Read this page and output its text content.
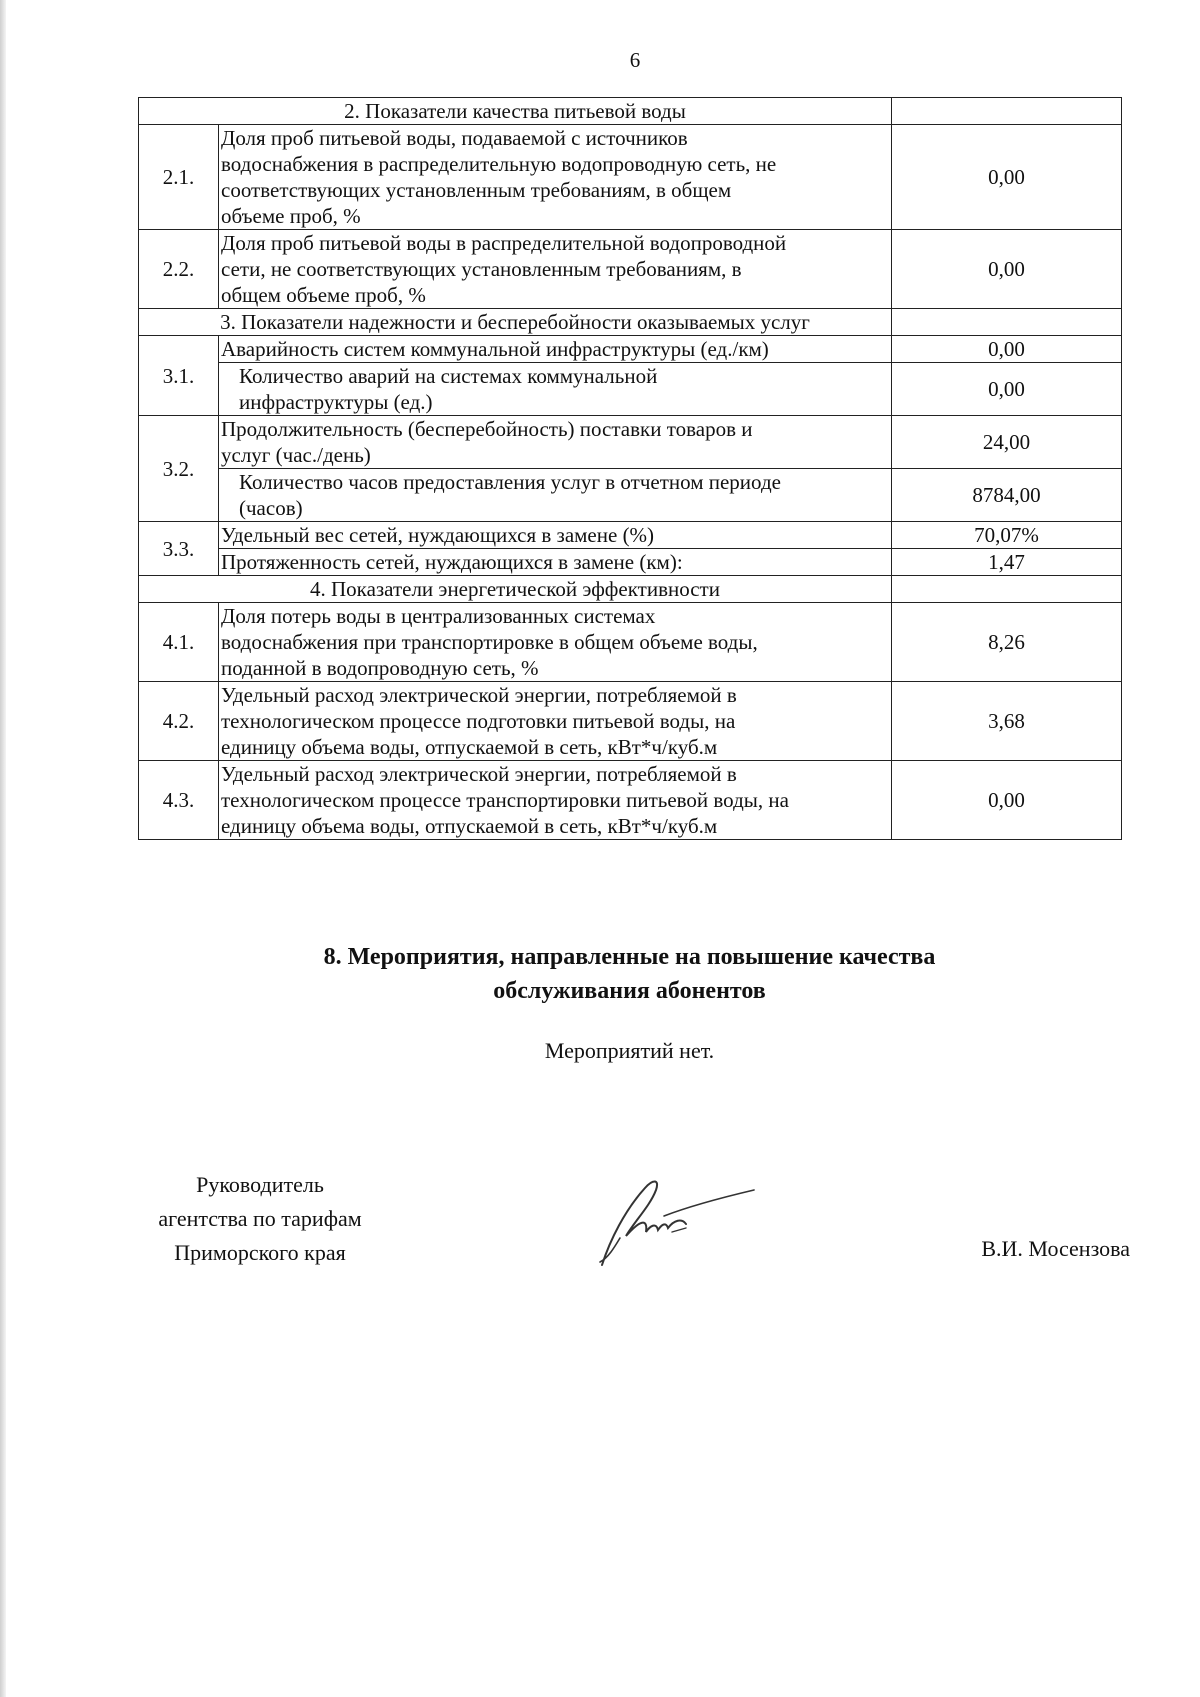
6
2. Показатели качества питьевой воды		
2.1.	Доля проб питьевой воды, подаваемой с источников
водоснабжения в распределительную водопроводную сеть, не
соответствующих установленным требованиям, в общем
объеме проб, %	0,00
2.2.	Доля проб питьевой воды в распределительной водопроводной
сети, не соответствующих установленным требованиям, в
общем объеме проб, %	0,00
3. Показатели надежности и бесперебойности оказываемых услуг		
3.1.	Аварийность систем коммунальной инфраструктуры (ед./км)	0,00

	Количество аварий на системах коммунальной
инфраструктуры (ед.)	0,00
3.2.	Продолжительность (бесперебойность) поставки товаров и
услуг (час./день)	24,00

	Количество часов предоставления услуг в отчетном периоде
(часов)	8784,00
3.3.	Удельный вес сетей, нуждающихся в замене (%)	70,07%

	Протяженность сетей, нуждающихся в замене (км):	1,47
4. Показатели энергетической эффективности		
4.1.	Доля потерь воды в централизованных системах
водоснабжения при транспортировке в общем объеме воды,
поданной в водопроводную сеть, %	8,26
4.2.	Удельный расход электрической энергии, потребляемой в
технологическом процессе подготовки питьевой воды, на
единицу объема воды, отпускаемой в сеть, кВт*ч/куб.м	3,68
4.3.	Удельный расход электрической энергии, потребляемой в
технологическом процессе транспортировки питьевой воды, на
единицу объема воды, отпускаемой в сеть, кВт*ч/куб.м	0,00
8. Мероприятия, направленные на повышение качества
обслуживания абонентов
Мероприятий нет.
Руководитель
агентства по тарифам
Приморского края	В.И. Мосензова
